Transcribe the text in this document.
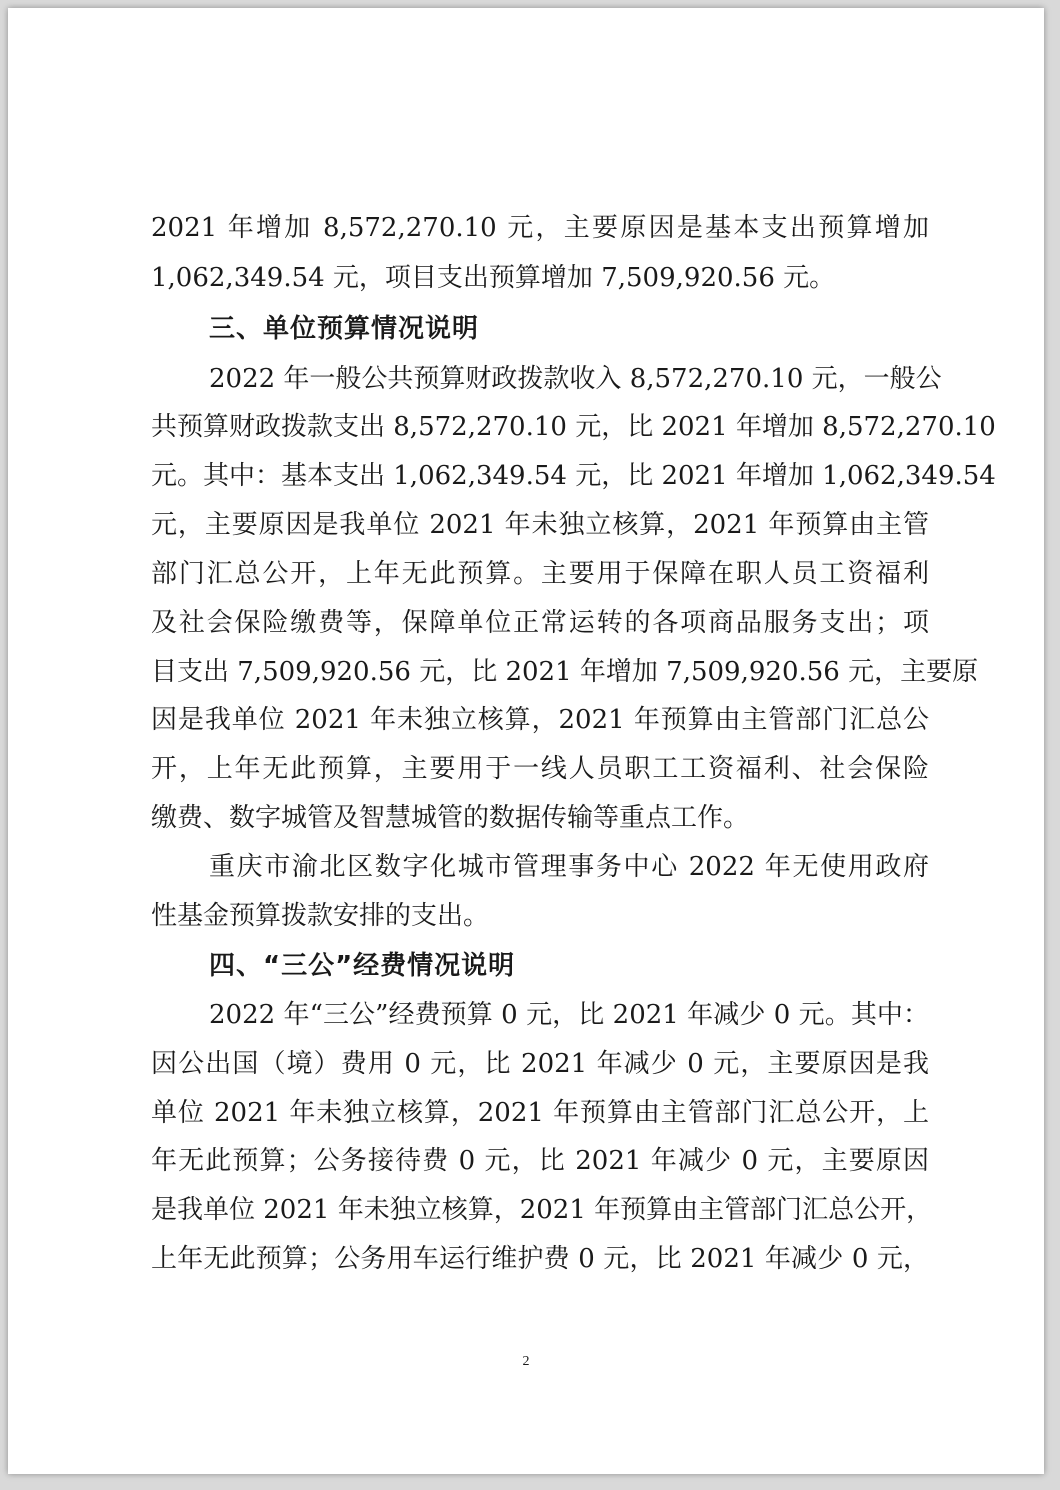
2021 年增加 8,572,270.10 元，主要原因是基本支出预算增加
1,062,349.54 元，项目支出预算增加 7,509,920.56 元。
三、单位预算情况说明
2022 年一般公共预算财政拨款收入 8,572,270.10 元，一般公
共预算财政拨款支出 8,572,270.10 元，比 2021 年增加 8,572,270.10
元。其中：基本支出 1,062,349.54 元，比 2021 年增加 1,062,349.54
元，主要原因是我单位 2021 年未独立核算，2021 年预算由主管
部门汇总公开，上年无此预算。主要用于保障在职人员工资福利
及社会保险缴费等，保障单位正常运转的各项商品服务支出；项
目支出 7,509,920.56 元，比 2021 年增加 7,509,920.56 元，主要原
因是我单位 2021 年未独立核算，2021 年预算由主管部门汇总公
开，上年无此预算，主要用于一线人员职工工资福利、社会保险
缴费、数字城管及智慧城管的数据传输等重点工作。
重庆市渝北区数字化城市管理事务中心 2022 年无使用政府
性基金预算拨款安排的支出。
四、“三公”经费情况说明
2022 年“三公”经费预算 0 元，比 2021 年减少 0 元。其中：
因公出国（境）费用 0 元，比 2021 年减少 0 元，主要原因是我
单位 2021 年未独立核算，2021 年预算由主管部门汇总公开，上
年无此预算；公务接待费 0 元，比 2021 年减少 0 元，主要原因
是我单位 2021 年未独立核算，2021 年预算由主管部门汇总公开，
上年无此预算；公务用车运行维护费 0 元，比 2021 年减少 0 元，
2
